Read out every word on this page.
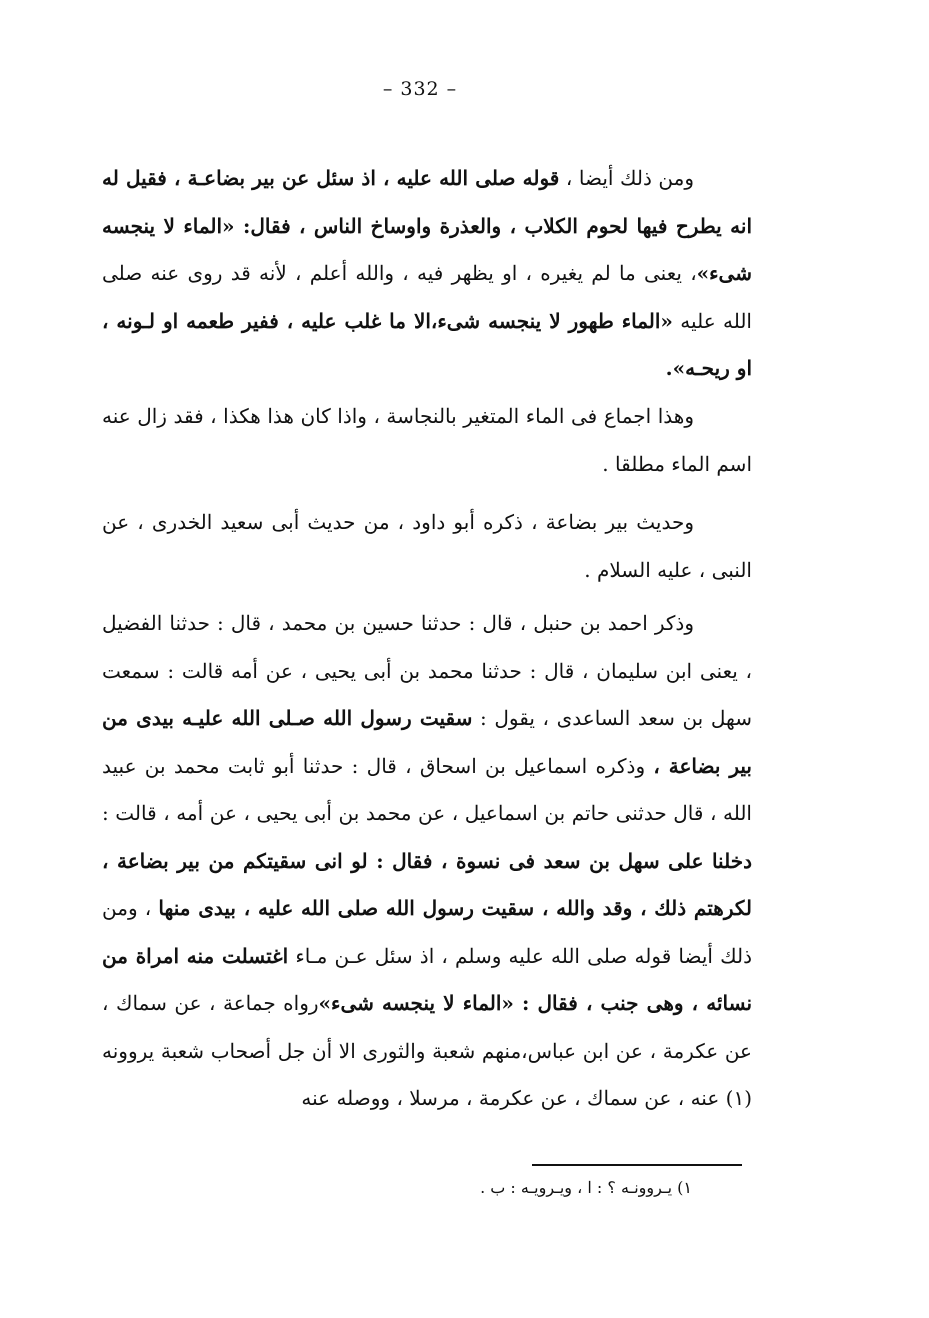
– 332 –
ومن ذلك أيضا ، قوله صلى الله عليه ، اذ سئل عن بير بضاعـة ، فقيل له انه يطرح فيها لحوم الكلاب ، والعذرة واوساخ الناس ، فقال: «الماء لا ينجسه شىء»، يعنى ما لم يغيره ، او يظهر فيه ، والله أعلم ، لأنه قد روى عنه صلى الله عليه «الماء طهور لا ينجسه شىء،الا ما غلب عليه ، ففير طعمه او لـونه ، او ريحـه».
وهذا اجماع فى الماء المتغير بالنجاسة ، واذا كان هذا هكذا ، فقد زال عنه اسم الماء مطلقا .
وحديث بير بضاعة ، ذكره أبو داود ، من حديث أبى سعيد الخدرى ، عن النبى ، عليه السلام .
وذكر احمد بن حنبل ، قال : حدثنا حسين بن محمد ، قال : حدثنا الفضيل ، يعنى ابن سليمان ، قال : حدثنا محمد بن أبى يحيى ، عن أمه قالت : سمعت سهل بن سعد الساعدى ، يقول : سقيت رسول الله صـلى الله عليـه بيدى من بير بضاعة ، وذكره اسماعيل بن اسحاق ، قال : حدثنا أبو ثابت محمد بن عبيد الله ، قال حدثنى حاتم بن اسماعيل ، عن محمد بن أبى يحيى ، عن أمه ، قالت : دخلنا على سهل بن سعد فى نسوة ، فقال : لو انى سقيتكم من بير بضاعة ، لكرهتم ذلك ، وقد والله ، سقيت رسول الله صلى الله عليه ، بيدى منها ، ومن ذلك أيضا قوله صلى الله عليه وسلم ، اذ سئل عـن مـاء اغتسلت منه امراة من نسائه ، وهى جنب ، فقال : «الماء لا ينجسه شىء»رواه جماعة ، عن سماك ، عن عكرمة ، عن ابن عباس،منهم شعبة والثورى الا أن جل أصحاب شعبة يروونه (١) عنه ، عن سماك ، عن عكرمة ، مرسلا ، ووصله عنه
١) يـروونـه ؟ : ا ، ويـرويـه : ب .
